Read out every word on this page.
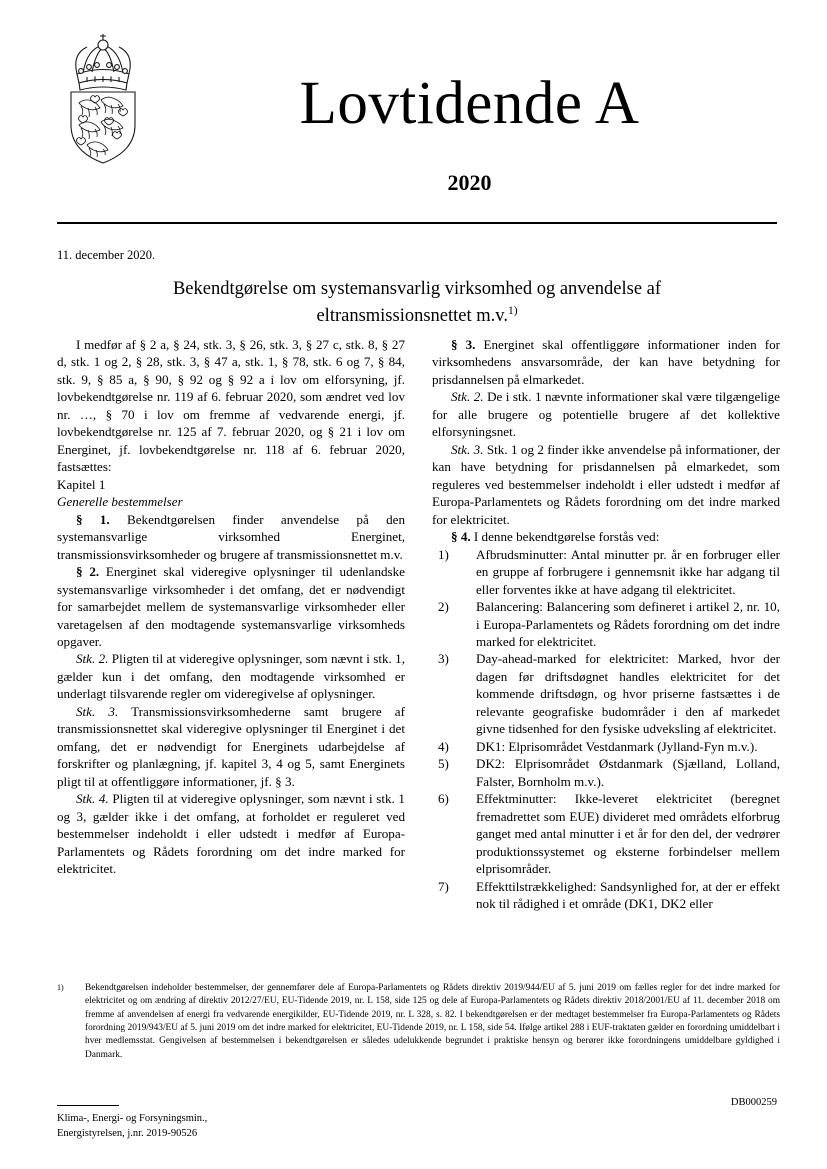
Lovtidende A
2020
11. december 2020.
Bekendtgørelse om systemansvarlig virksomhed og anvendelse af
eltransmissionsnettet m.v.$^{1)}$

I medfør af § 2 a, § 24, stk. 3, § 26, stk. 3, § 27 c, stk. 8, § 27 d, stk. 1 og 2, § 28, stk. 3, § 47 a, stk. 1, § 78, stk. 6 og 7, § 84, stk. 9, § 85 a, § 90, § 92 og § 92 a i lov om elforsyning, jf. lovbekendtgørelse nr. 119 af 6. februar 2020, som ændret ved lov nr. …, § 70 i lov om fremme af vedvarende energi, jf. lovbekendtgørelse nr. 125 af 7. februar 2020, og § 21 i lov om Energinet, jf. lovbekendtgørelse nr. 118 af 6. februar 2020, fastsættes:

Kapitel 1

Generelle bestemmelser

§ 1. Bekendtgørelsen finder anvendelse på den systemansvarlige virksomhed Energinet, transmissionsvirksomheder og brugere af transmissionsnettet m.v.

§ 2. Energinet skal videregive oplysninger til udenlandske systemansvarlige virksomheder i det omfang, det er nødvendigt for samarbejdet mellem de systemansvarlige virksomheder eller varetagelsen af den modtagende systemansvarlige virksomheds opgaver.

Stk. 2. Pligten til at videregive oplysninger, som nævnt i stk. 1, gælder kun i det omfang, den modtagende virksomhed er underlagt tilsvarende regler om videregivelse af oplysninger.

Stk. 3. Transmissionsvirksomhederne samt brugere af transmissionsnettet skal videregive oplysninger til Energinet i det omfang, det er nødvendigt for Energinets udarbejdelse af forskrifter og planlægning, jf. kapitel 3, 4 og 5, samt Energinets pligt til at offentliggøre informationer, jf. § 3.

Stk. 4. Pligten til at videregive oplysninger, som nævnt i stk. 1 og 3, gælder ikke i det omfang, at forholdet er reguleret ved bestemmelser indeholdt i eller udstedt i medfør af Europa-Parlamentets og Rådets forordning om det indre marked for elektricitet.

§ 3. Energinet skal offentliggøre informationer inden for virksomhedens ansvarsområde, der kan have betydning for prisdannelsen på elmarkedet.

Stk. 2. De i stk. 1 nævnte informationer skal være tilgængelige for alle brugere og potentielle brugere af det kollektive elforsyningsnet.

Stk. 3. Stk. 1 og 2 finder ikke anvendelse på informationer, der kan have betydning for prisdannelsen på elmarkedet, som reguleres ved bestemmelser indeholdt i eller udstedt i medfør af Europa-Parlamentets og Rådets forordning om det indre marked for elektricitet.

§ 4. I denne bekendtgørelse forstås ved:

1)	Afbrudsminutter: Antal minutter pr. år en forbruger eller en gruppe af forbrugere i gennemsnit ikke har adgang til eller forventes ikke at have adgang til elektricitet.
2)	Balancering: Balancering som defineret i artikel 2, nr. 10, i Europa-Parlamentets og Rådets forordning om det indre marked for elektricitet.
3)	Day-ahead-marked for elektricitet: Marked, hvor der dagen før driftsdøgnet handles elektricitet for det kommende driftsdøgn, og hvor priserne fastsættes i de relevante geografiske budområder i den af markedet givne tidsenhed for den fysiske udveksling af elektricitet.
4)	DK1: Elprisområdet Vestdanmark (Jylland-Fyn m.v.).
5)	DK2: Elprisområdet Østdanmark (Sjælland, Lolland, Falster, Bornholm m.v.).
6)	Effektminutter: Ikke-leveret elektricitet (beregnet fremadrettet som EUE) divideret med områdets elforbrug ganget med antal minutter i et år for den del, der vedrører produktionssystemet og eksterne forbindelser mellem elprisområder.
7)	Effekttilstrækkelighed: Sandsynlighed for, at der er effekt nok til rådighed i et område (DK1, DK2 eller
1)	Bekendtgørelsen indeholder bestemmelser, der gennemfører dele af Europa-Parlamentets og Rådets direktiv 2019/944/EU af 5. juni 2019 om fælles regler for det indre marked for elektricitet og om ændring af direktiv 2012/27/EU, EU-Tidende 2019, nr. L 158, side 125 og dele af Europa-Parlamentets og Rådets direktiv 2018/2001/EU af 11. december 2018 om fremme af anvendelsen af energi fra vedvarende energikilder, EU-Tidende 2019, nr. L 328, s. 82. I bekendtgørelsen er der medtaget bestemmelser fra Europa-Parlamentets og Rådets forordning 2019/943/EU af 5. juni 2019 om det indre marked for elektricitet, EU-Tidende 2019, nr. L 158, side 54. Ifølge artikel 288 i EUF-traktaten gælder en forordning umiddelbart i hver medlemsstat. Gengivelsen af bestemmelsen i bekendtgørelsen er således udelukkende begrundet i praktiske hensyn og berører ikke forordningens umiddelbare gyldighed i Danmark.
Klima-, Energi- og Forsyningsmin.,
Energistyrelsen, j.nr. 2019-90526
DB000259
